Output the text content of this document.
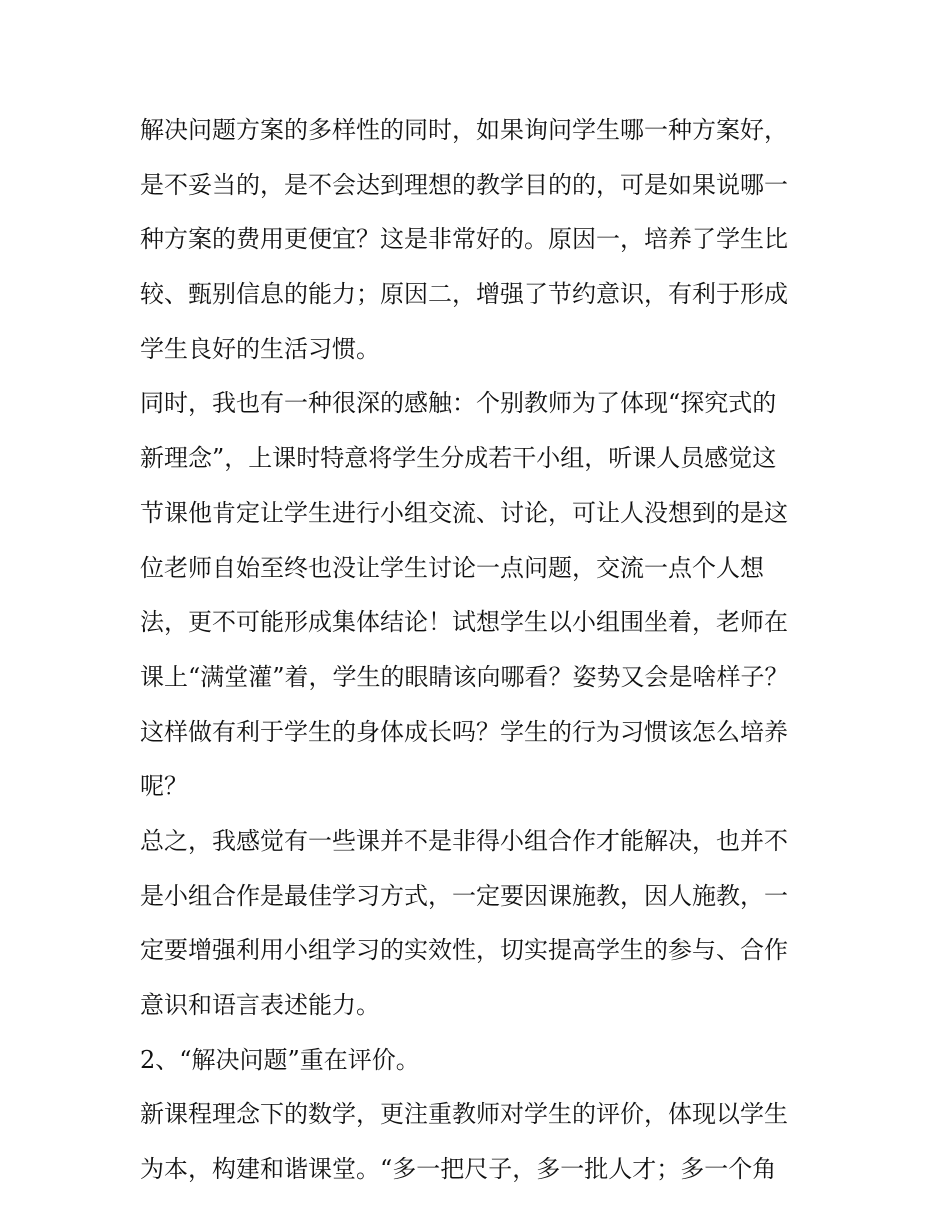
解决问题方案的多样性的同时，如果询问学生哪一种方案好，
是不妥当的，是不会达到理想的教学目的的，可是如果说哪一
种方案的费用更便宜？这是非常好的。原因一，培养了学生比
较、甄别信息的能力；原因二，增强了节约意识，有利于形成
学生良好的生活习惯。
同时，我也有一种很深的感触：个别教师为了体现“探究式的
新理念”，上课时特意将学生分成若干小组，听课人员感觉这
节课他肯定让学生进行小组交流、讨论，可让人没想到的是这
位老师自始至终也没让学生讨论一点问题，交流一点个人想
法，更不可能形成集体结论！试想学生以小组围坐着，老师在
课上“满堂灌”着，学生的眼睛该向哪看？姿势又会是啥样子？
这样做有利于学生的身体成长吗？学生的行为习惯该怎么培养
呢？
总之，我感觉有一些课并不是非得小组合作才能解决，也并不
是小组合作是最佳学习方式，一定要因课施教，因人施教，一
定要增强利用小组学习的实效性，切实提高学生的参与、合作
意识和语言表述能力。
2、“解决问题”重在评价。
新课程理念下的数学，更注重教师对学生的评价，体现以学生
为本，构建和谐课堂。“多一把尺子，多一批人才；多一个角
